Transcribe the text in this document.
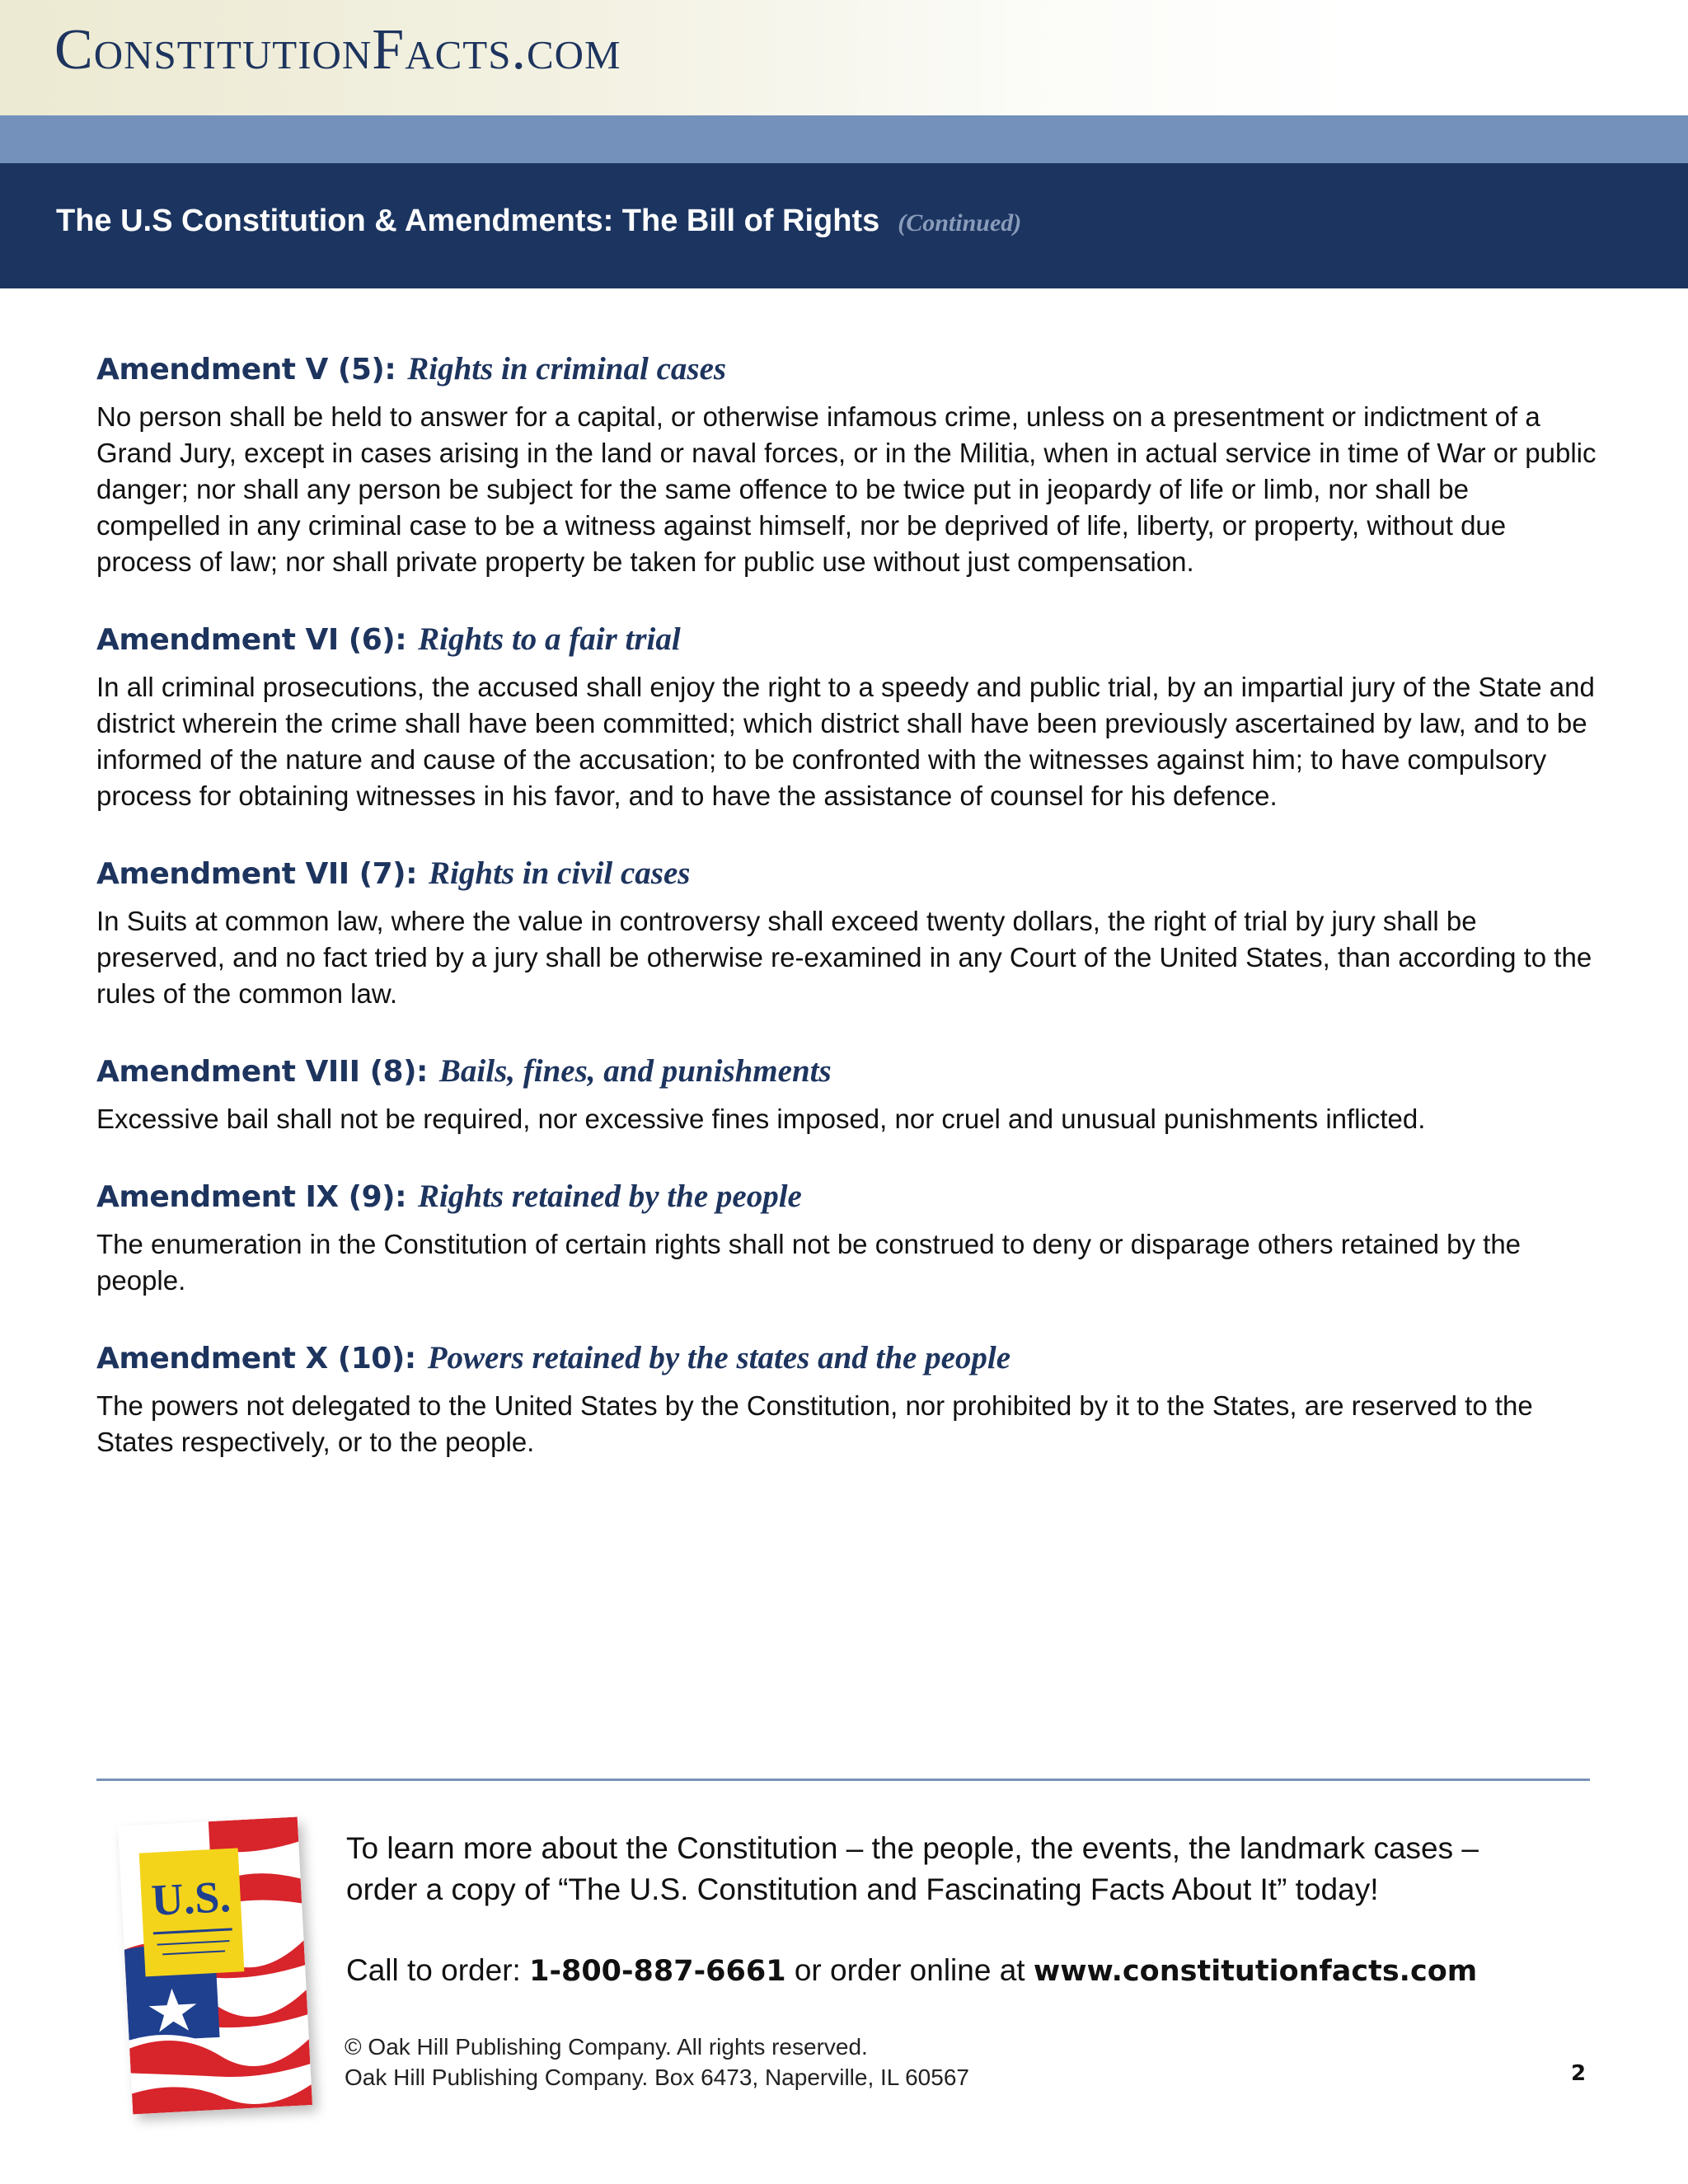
ConstitutionFacts.com
The U.S Constitution & Amendments: The Bill of Rights (Continued)
Amendment V (5): Rights in criminal cases

No person shall be held to answer for a capital, or otherwise infamous crime, unless on a presentment or indictment of a Grand Jury, except in cases arising in the land or naval forces, or in the Militia, when in actual service in time of War or public danger; nor shall any person be subject for the same offence to be twice put in jeopardy of life or limb, nor shall be compelled in any criminal case to be a witness against himself, nor be deprived of life, liberty, or property, without due process of law; nor shall private property be taken for public use without just compensation.

Amendment VI (6): Rights to a fair trial

In all criminal prosecutions, the accused shall enjoy the right to a speedy and public trial, by an impartial jury of the State and district wherein the crime shall have been committed; which district shall have been previously ascertained by law, and to be informed of the nature and cause of the accusation; to be confronted with the witnesses against him; to have compulsory process for obtaining witnesses in his favor, and to have the assistance of counsel for his defence.

Amendment VII (7): Rights in civil cases

In Suits at common law, where the value in controversy shall exceed twenty dollars, the right of trial by jury shall be preserved, and no fact tried by a jury shall be otherwise re-examined in any Court of the United States, than according to the rules of the common law.

Amendment VIII (8): Bails, fines, and punishments

Excessive bail shall not be required, nor excessive fines imposed, nor cruel and unusual punishments inflicted.

Amendment IX (9): Rights retained by the people

The enumeration in the Constitution of certain rights shall not be construed to deny or disparage others retained by the people.

Amendment X (10): Powers retained by the states and the people

The powers not delegated to the United States by the Constitution, nor prohibited by it to the States, are reserved to the States respectively, or to the people.

U.S.

To learn more about the Constitution – the people, the events, the landmark cases –

order a copy of “The U.S. Constitution and Fascinating Facts About It” today!

Call to order: 1-800-887-6661 or order online at www.constitutionfacts.com

© Oak Hill Publishing Company. All rights reserved.
Oak Hill Publishing Company. Box 6473, Naperville, IL 60567	2
